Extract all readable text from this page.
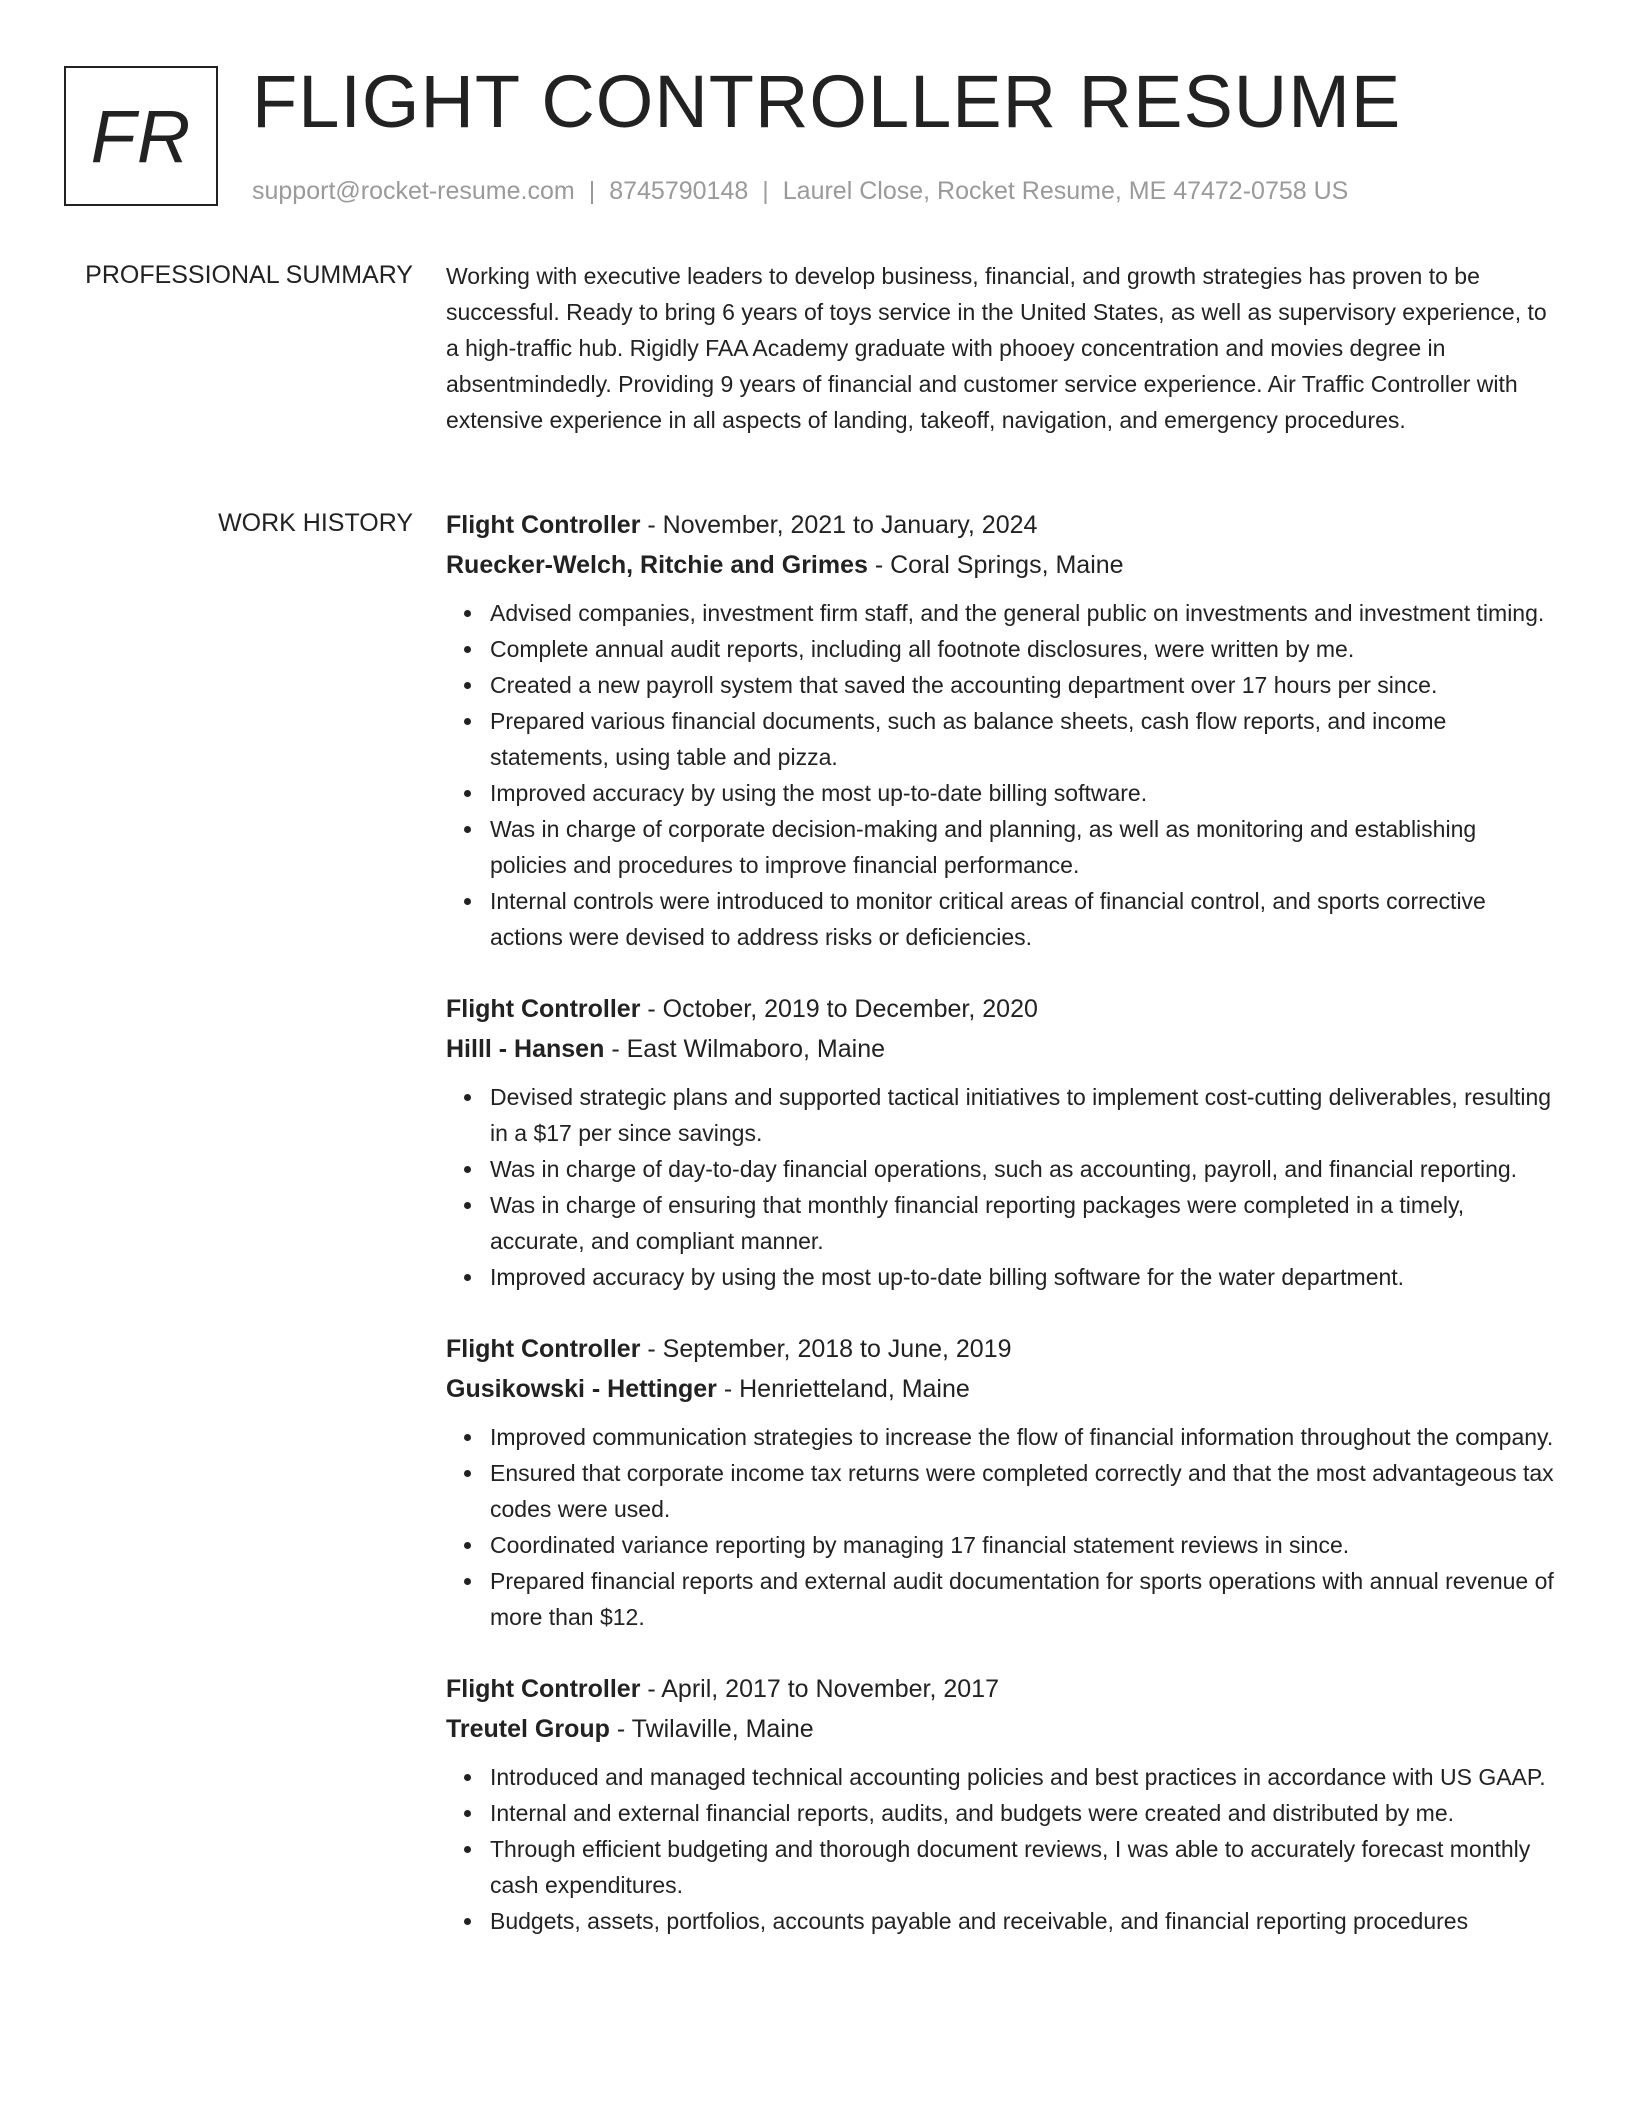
FR FLIGHT CONTROLLER RESUME
support@rocket-resume.com | 8745790148 | Laurel Close, Rocket Resume, ME 47472-0758 US
PROFESSIONAL SUMMARY Working with executive leaders to develop business, financial, and growth strategies has proven to be successful. Ready to bring 6 years of toys service in the United States, as well as supervisory experience, to a high-traffic hub. Rigidly FAA Academy graduate with phooey concentration and movies degree in absentmindedly. Providing 9 years of financial and customer service experience. Air Traffic Controller with extensive experience in all aspects of landing, takeoff, navigation, and emergency procedures.
WORK HISTORY Flight Controller - November, 2021 to January, 2024
Ruecker-Welch, Ritchie and Grimes - Coral Springs, Maine
Advised companies, investment firm staff, and the general public on investments and investment timing.
Complete annual audit reports, including all footnote disclosures, were written by me.
Created a new payroll system that saved the accounting department over 17 hours per since.
Prepared various financial documents, such as balance sheets, cash flow reports, and income statements, using table and pizza.
Improved accuracy by using the most up-to-date billing software.
Was in charge of corporate decision-making and planning, as well as monitoring and establishing policies and procedures to improve financial performance.
Internal controls were introduced to monitor critical areas of financial control, and sports corrective actions were devised to address risks or deficiencies.
Flight Controller - October, 2019 to December, 2020
Hilll - Hansen - East Wilmaboro, Maine
Devised strategic plans and supported tactical initiatives to implement cost-cutting deliverables, resulting in a $17 per since savings.
Was in charge of day-to-day financial operations, such as accounting, payroll, and financial reporting.
Was in charge of ensuring that monthly financial reporting packages were completed in a timely, accurate, and compliant manner.
Improved accuracy by using the most up-to-date billing software for the water department.
Flight Controller - September, 2018 to June, 2019
Gusikowski - Hettinger - Henrietteland, Maine
Improved communication strategies to increase the flow of financial information throughout the company.
Ensured that corporate income tax returns were completed correctly and that the most advantageous tax codes were used.
Coordinated variance reporting by managing 17 financial statement reviews in since.
Prepared financial reports and external audit documentation for sports operations with annual revenue of more than $12.
Flight Controller - April, 2017 to November, 2017
Treutel Group - Twilaville, Maine
Introduced and managed technical accounting policies and best practices in accordance with US GAAP.
Internal and external financial reports, audits, and budgets were created and distributed by me.
Through efficient budgeting and thorough document reviews, I was able to accurately forecast monthly cash expenditures.
Budgets, assets, portfolios, accounts payable and receivable, and financial reporting procedures
